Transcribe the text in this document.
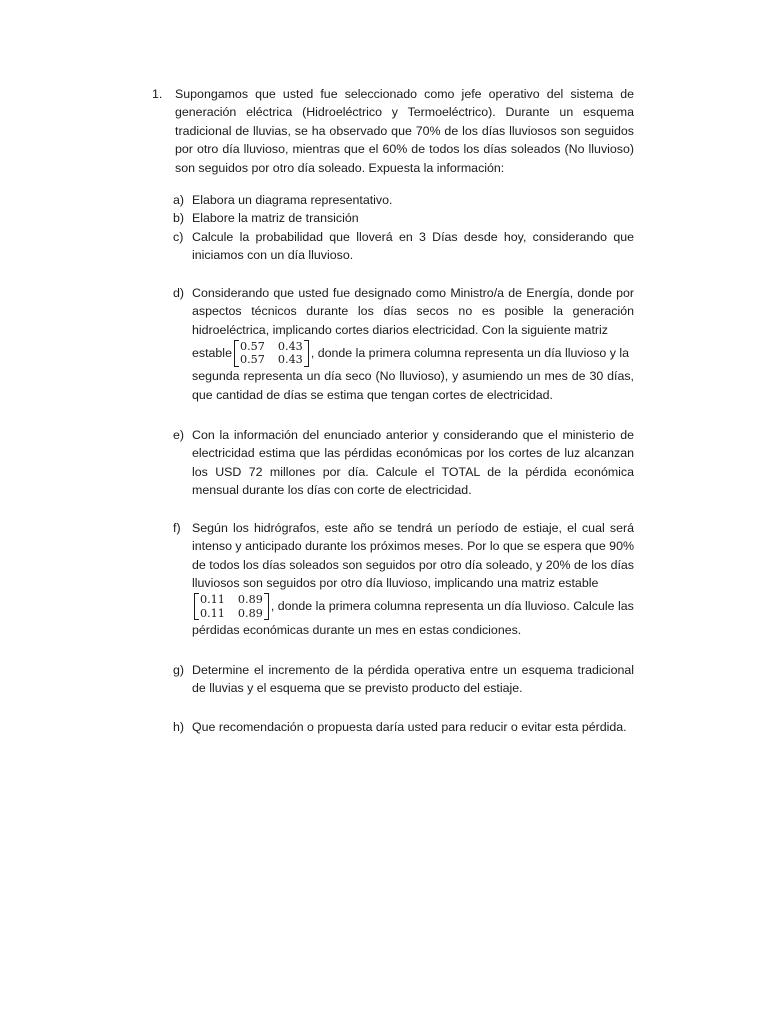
1. Supongamos que usted fue seleccionado como jefe operativo del sistema de generación eléctrica (Hidroeléctrico y Termoeléctrico). Durante un esquema tradicional de lluvias, se ha observado que 70% de los días lluviosos son seguidos por otro día lluvioso, mientras que el 60% de todos los días soleados (No lluvioso) son seguidos por otro día soleado. Expuesta la información:
a) Elabora un diagrama representativo.
b) Elabore la matriz de transición
c) Calcule la probabilidad que lloverá en 3 Días desde hoy, considerando que iniciamos con un día lluvioso.
d) Considerando que usted fue designado como Ministro/a de Energía, donde por aspectos técnicos durante los días secos no es posible la generación hidroeléctrica, implicando cortes diarios electricidad. Con la siguiente matriz
estable 0.57 0.43
0.57 0.43 , donde la primera columna representa un día lluvioso y la
segunda representa un día seco (No lluvioso), y asumiendo un mes de 30 días, que cantidad de días se estima que tengan cortes de electricidad.
e) Con la información del enunciado anterior y considerando que el ministerio de electricidad estima que las pérdidas económicas por los cortes de luz alcanzan los USD 72 millones por día. Calcule el TOTAL de la pérdida económica mensual durante los días con corte de electricidad.
f) Según los hidrógrafos, este año se tendrá un período de estiaje, el cual será intenso y anticipado durante los próximos meses. Por lo que se espera que 90% de todos los días soleados son seguidos por otro día soleado, y 20% de los días lluviosos son seguidos por otro día lluvioso, implicando una matriz estable
0.11 0.89
0.11 0.89 , donde la primera columna representa un día lluvioso. Calcule las
pérdidas económicas durante un mes en estas condiciones.
g) Determine el incremento de la pérdida operativa entre un esquema tradicional de lluvias y el esquema que se previsto producto del estiaje.
h) Que recomendación o propuesta daría usted para reducir o evitar esta pérdida.
